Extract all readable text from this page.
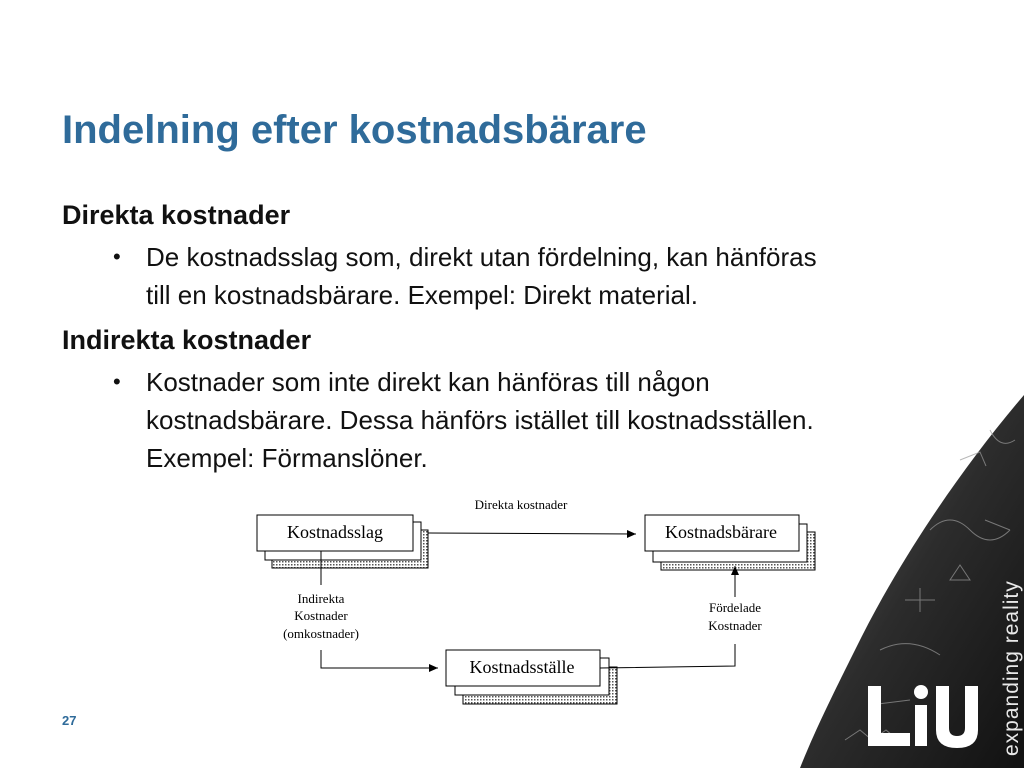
expanding reality
Indelning efter kostnadsbärare
Direkta kostnader
• De kostnadsslag som, direkt utan fördelning, kan hänföras
till en kostnadsbärare. Exempel: Direkt material.
Indirekta kostnader
• Kostnader som inte direkt kan hänföras till någon
kostnadsbärare. Dessa hänförs istället till kostnadsställen.
Exempel: Förmanslöner.
Kostnadsslag	Kostnadsbärare
Kostnadsställe
Direkta kostnader
Indirekta
Kostnader
(omkostnader)
Fördelade
Kostnader
27
L
